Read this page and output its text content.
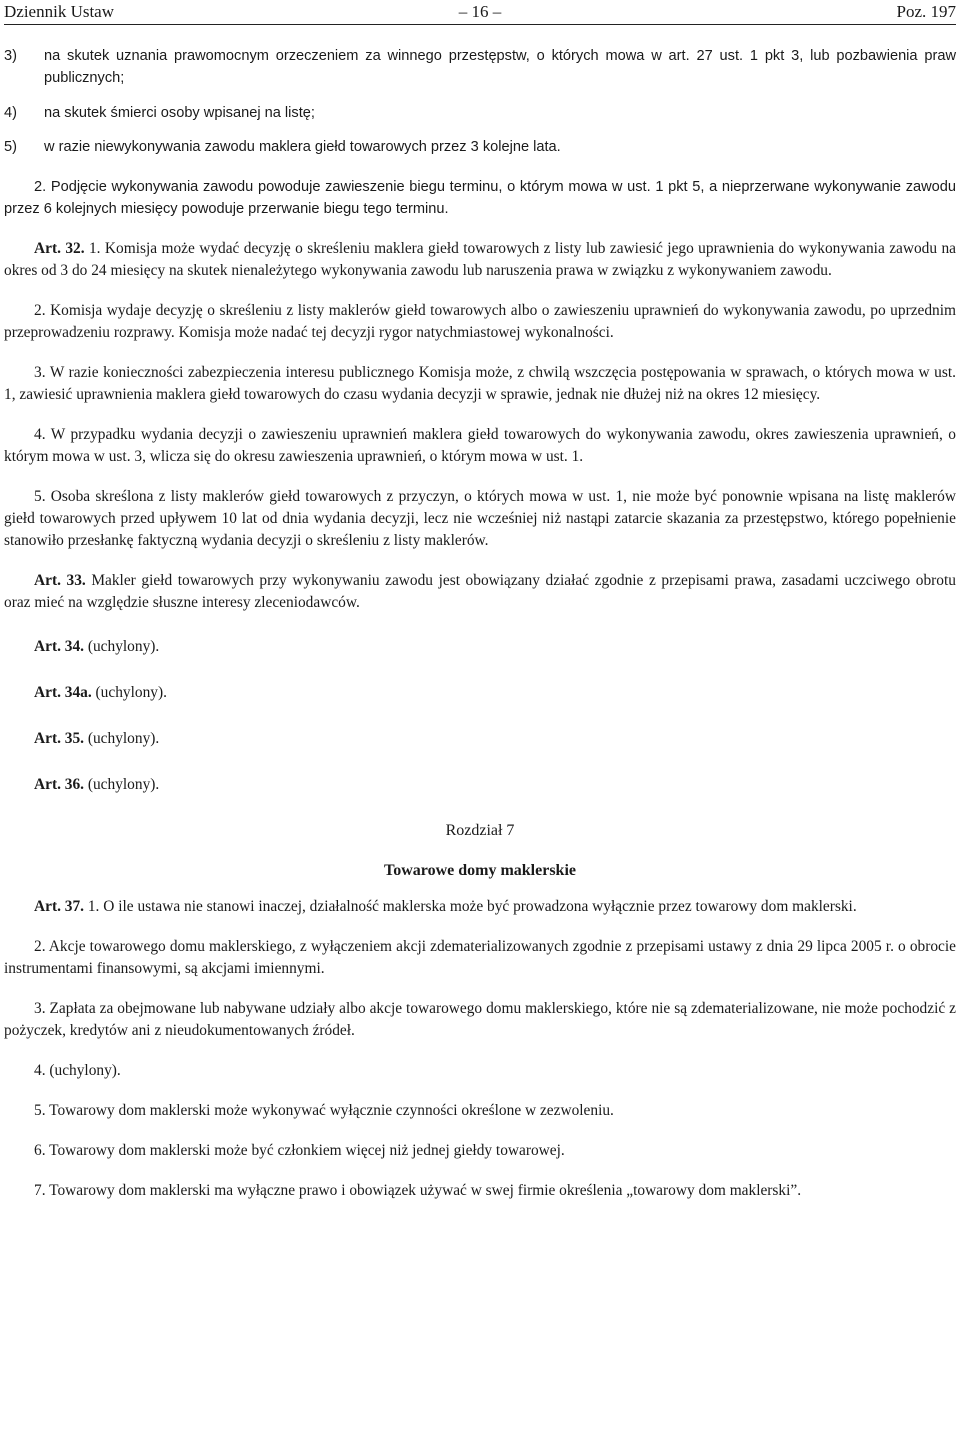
Dziennik Ustaw	– 16 –	Poz. 197
3)	na skutek uznania prawomocnym orzeczeniem za winnego przestępstw, o których mowa w art. 27 ust. 1 pkt 3, lub pozbawienia praw publicznych;
4)	na skutek śmierci osoby wpisanej na listę;
5)	w razie niewykonywania zawodu maklera giełd towarowych przez 3 kolejne lata.

2. Podjęcie wykonywania zawodu powoduje zawieszenie biegu terminu, o którym mowa w ust. 1 pkt 5, a nieprzerwane wykonywanie zawodu przez 6 kolejnych miesięcy powoduje przerwanie biegu tego terminu.

Art. 32. 1. Komisja może wydać decyzję o skreśleniu maklera giełd towarowych z listy lub zawiesić jego uprawnienia do wykonywania zawodu na okres od 3 do 24 miesięcy na skutek nienależytego wykonywania zawodu lub naruszenia prawa w związku z wykonywaniem zawodu.

2. Komisja wydaje decyzję o skreśleniu z listy maklerów giełd towarowych albo o zawieszeniu uprawnień do wykonywania zawodu, po uprzednim przeprowadzeniu rozprawy. Komisja może nadać tej decyzji rygor natychmiastowej wykonalności.

3. W razie konieczności zabezpieczenia interesu publicznego Komisja może, z chwilą wszczęcia postępowania w sprawach, o których mowa w ust. 1, zawiesić uprawnienia maklera giełd towarowych do czasu wydania decyzji w sprawie, jednak nie dłużej niż na okres 12 miesięcy.

4. W przypadku wydania decyzji o zawieszeniu uprawnień maklera giełd towarowych do wykonywania zawodu, okres zawieszenia uprawnień, o którym mowa w ust. 3, wlicza się do okresu zawieszenia uprawnień, o którym mowa w ust. 1.

5. Osoba skreślona z listy maklerów giełd towarowych z przyczyn, o których mowa w ust. 1, nie może być ponownie wpisana na listę maklerów giełd towarowych przed upływem 10 lat od dnia wydania decyzji, lecz nie wcześniej niż nastąpi zatarcie skazania za przestępstwo, którego popełnienie stanowiło przesłankę faktyczną wydania decyzji o skreśleniu z listy maklerów.

Art. 33. Makler giełd towarowych przy wykonywaniu zawodu jest obowiązany działać zgodnie z przepisami prawa, zasadami uczciwego obrotu oraz mieć na względzie słuszne interesy zleceniodawców.

Art. 34. (uchylony).

Art. 34a. (uchylony).

Art. 35. (uchylony).

Art. 36. (uchylony).

Rozdział 7
Towarowe domy maklerskie

Art. 37. 1. O ile ustawa nie stanowi inaczej, działalność maklerska może być prowadzona wyłącznie przez towarowy dom maklerski.

2. Akcje towarowego domu maklerskiego, z wyłączeniem akcji zdematerializowanych zgodnie z przepisami ustawy z dnia 29 lipca 2005 r. o obrocie instrumentami finansowymi, są akcjami imiennymi.

3. Zapłata za obejmowane lub nabywane udziały albo akcje towarowego domu maklerskiego, które nie są zdematerializowane, nie może pochodzić z pożyczek, kredytów ani z nieudokumentowanych źródeł.

4. (uchylony).

5. Towarowy dom maklerski może wykonywać wyłącznie czynności określone w zezwoleniu.

6. Towarowy dom maklerski może być członkiem więcej niż jednej giełdy towarowej.

7. Towarowy dom maklerski ma wyłączne prawo i obowiązek używać w swej firmie określenia „towarowy dom maklerski”.
